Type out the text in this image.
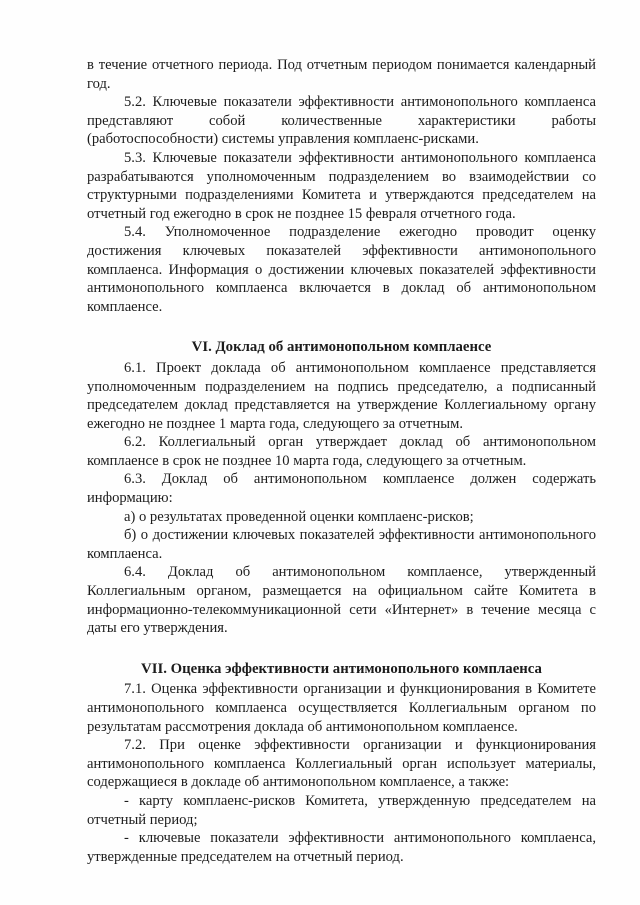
в течение отчетного периода. Под отчетным периодом понимается календарный год.

5.2. Ключевые показатели эффективности антимонопольного комплаенса представляют собой количественные характеристики работы (работоспособности) системы управления комплаенс-рисками.

5.3. Ключевые показатели эффективности антимонопольного комплаенса разрабатываются уполномоченным подразделением во взаимодействии со структурными подразделениями Комитета и утверждаются председателем на отчетный год ежегодно в срок не позднее 15 февраля отчетного года.

5.4. Уполномоченное подразделение ежегодно проводит оценку достижения ключевых показателей эффективности антимонопольного комплаенса. Информация о достижении ключевых показателей эффективности антимонопольного комплаенса включается в доклад об антимонопольном комплаенсе.

VI. Доклад об антимонопольном комплаенсе

6.1. Проект доклада об антимонопольном комплаенсе представляется уполномоченным подразделением на подпись председателю, а подписанный председателем доклад представляется на утверждение Коллегиальному органу ежегодно не позднее 1 марта года, следующего за отчетным.

6.2. Коллегиальный орган утверждает доклад об антимонопольном комплаенсе в срок не позднее 10 марта года, следующего за отчетным.

6.3. Доклад об антимонопольном комплаенсе должен содержать информацию:

а) о результатах проведенной оценки комплаенс-рисков;

б) о достижении ключевых показателей эффективности антимонопольного комплаенса.

6.4. Доклад об антимонопольном комплаенсе, утвержденный Коллегиальным органом, размещается на официальном сайте Комитета в информационно-телекоммуникационной сети «Интернет» в течение месяца с даты его утверждения.

VII. Оценка эффективности антимонопольного комплаенса

7.1. Оценка эффективности организации и функционирования в Комитете антимонопольного комплаенса осуществляется Коллегиальным органом по результатам рассмотрения доклада об антимонопольном комплаенсе.

7.2. При оценке эффективности организации и функционирования антимонопольного комплаенса Коллегиальный орган использует материалы, содержащиеся в докладе об антимонопольном комплаенсе, а также:

- карту комплаенс-рисков Комитета, утвержденную председателем на отчетный период;

- ключевые показатели эффективности антимонопольного комплаенса, утвержденные председателем на отчетный период.
